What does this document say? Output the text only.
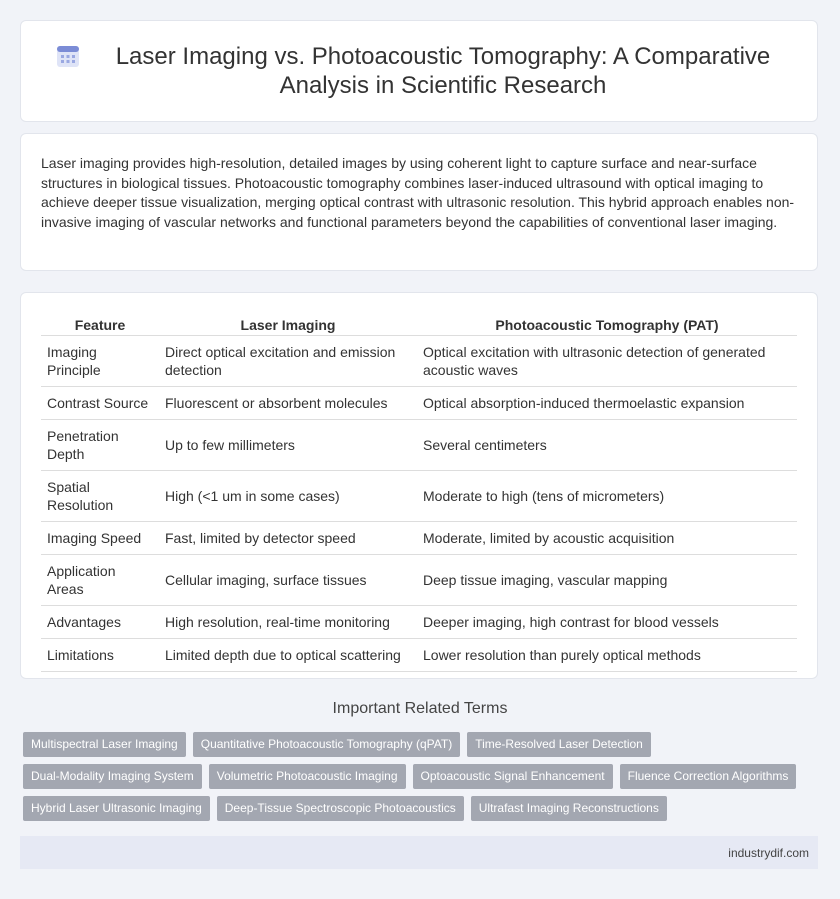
Laser Imaging vs. Photoacoustic Tomography: A Comparative Analysis in Scientific Research

Laser imaging provides high-resolution, detailed images by using coherent light to capture surface and near-surface structures in biological tissues. Photoacoustic tomography combines laser-induced ultrasound with optical imaging to achieve deeper tissue visualization, merging optical contrast with ultrasonic resolution. This hybrid approach enables non-invasive imaging of vascular networks and functional parameters beyond the capabilities of conventional laser imaging.

Feature	Laser Imaging	Photoacoustic Tomography (PAT)
Imaging Principle	Direct optical excitation and emission detection	Optical excitation with ultrasonic detection of generated acoustic waves
Contrast Source	Fluorescent or absorbent molecules	Optical absorption-induced thermoelastic expansion
Penetration Depth	Up to few millimeters	Several centimeters
Spatial Resolution	High (<1 um in some cases)	Moderate to high (tens of micrometers)
Imaging Speed	Fast, limited by detector speed	Moderate, limited by acoustic acquisition
Application Areas	Cellular imaging, surface tissues	Deep tissue imaging, vascular mapping
Advantages	High resolution, real-time monitoring	Deeper imaging, high contrast for blood vessels
Limitations	Limited depth due to optical scattering	Lower resolution than purely optical methods
Important Related Terms
Multispectral Laser Imaging	Quantitative Photoacoustic Tomography (qPAT)	Time-Resolved Laser Detection
Dual-Modality Imaging System	Volumetric Photoacoustic Imaging	Optoacoustic Signal Enhancement	Fluence Correction Algorithms
Hybrid Laser Ultrasonic Imaging	Deep-Tissue Spectroscopic Photoacoustics	Ultrafast Imaging Reconstructions
industrydif.com
